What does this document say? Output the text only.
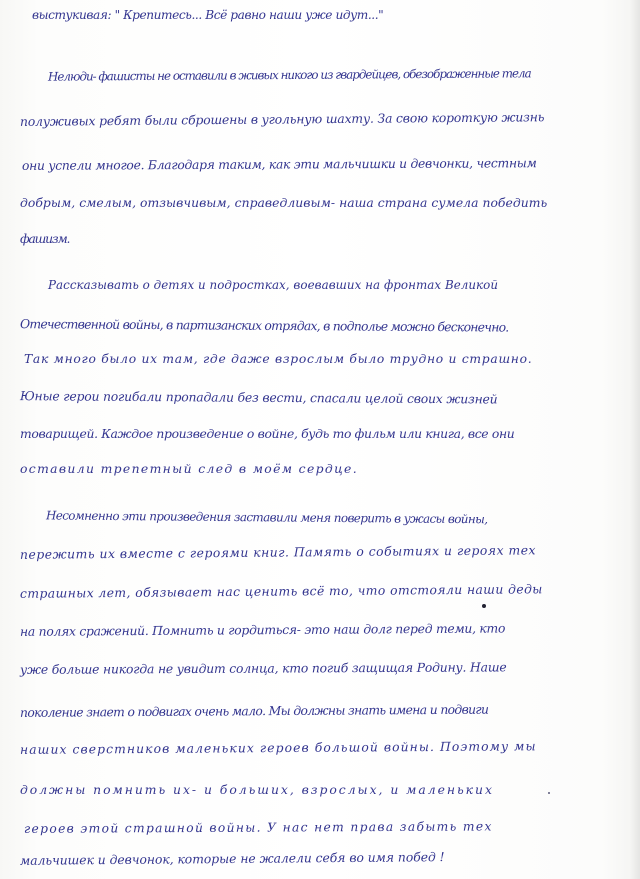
выстукивая: " Крепитесь... Всё равно наши уже идут..."

Нелюди- фашисты не оставили в живых никого из гвардейцев, обезображенные тела

полуживых ребят были сброшены в угольную шахту. За свою короткую жизнь

они успели многое. Благодаря таким, как эти мальчишки и девчонки, честным

добрым, смелым, отзывчивым, справедливым- наша страна сумела победить

фашизм.

Рассказывать о детях и подростках, воевавших на фронтах Великой

Отечественной войны, в партизанских отрядах, в подполье можно бесконечно.

Так много было их там, где даже взрослым было трудно и страшно.

Юные герои погибали пропадали без вести, спасали целой своих жизней

товарищей. Каждое произведение о войне, будь то фильм или книга, все они

оставили трепетный след в моём сердце.

Несомненно эти произведения заставили меня поверить в ужасы войны,

пережить их вместе с героями книг. Память о событиях и героях тех

страшных лет, обязывает нас ценить всё то, что отстояли наши деды

на полях сражений. Помнить и гордиться- это наш долг перед теми, кто

уже больше никогда не увидит солнца, кто погиб защищая Родину. Наше

поколение знает о подвигах очень мало. Мы должны знать имена и подвиги

наших сверстников маленьких героев большой войны. Поэтому мы

должны помнить их- и больших, взрослых, и маленьких

героев этой страшной войны. У нас нет права забыть тех

мальчишек и девчонок, которые не жалели себя во имя побед !
